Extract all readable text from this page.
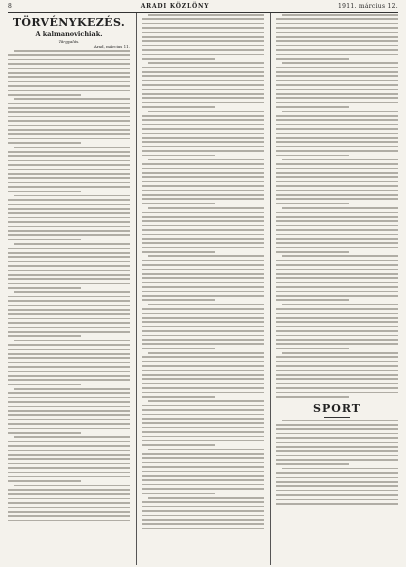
8	ARADI KÖZLÖNY	1911. március 12.
TÖRVÉNYKEZÉS.
A kalmanovichiak.
Tárgyalás.
Arad, március 11.
SPORT
